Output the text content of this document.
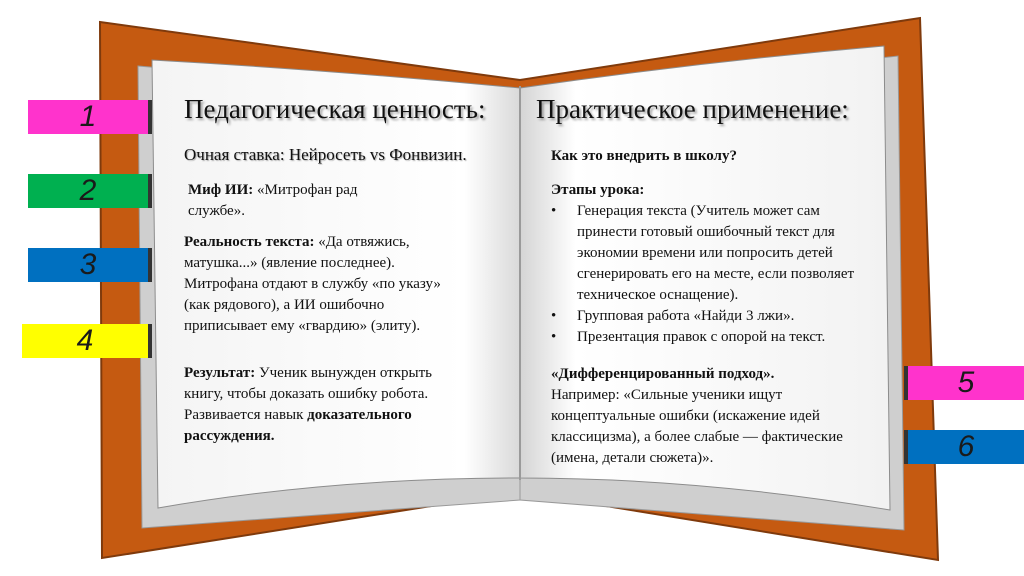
1
2
3
4
5
6
Педагогическая ценность:
Очная ставка: Нейросеть vs Фонвизин.
Миф ИИ: «Митрофан рад службе».
Реальность текста: «Да отвяжись, матушка...» (явление последнее). Митрофана отдают в службу «по указу» (как рядового), а ИИ ошибочно приписывает ему «гвардию» (элиту).
Результат: Ученик вынужден открыть книгу, чтобы доказать ошибку робота. Развивается навык доказательного рассуждения.
Практическое применение:
Как это внедрить в школу?
Этапы урока:
• Генерация текста (Учитель может сам принести готовый ошибочный текст для экономии времени или попросить детей сгенерировать его на месте, если позволяет техническое оснащение).
• Групповая работа «Найди 3 лжи».
• Презентация правок с опорой на текст.
«Дифференцированный подход».
Например: «Сильные ученики ищут концептуальные ошибки (искажение идей классицизма), а более слабые — фактические (имена, детали сюжета)».
